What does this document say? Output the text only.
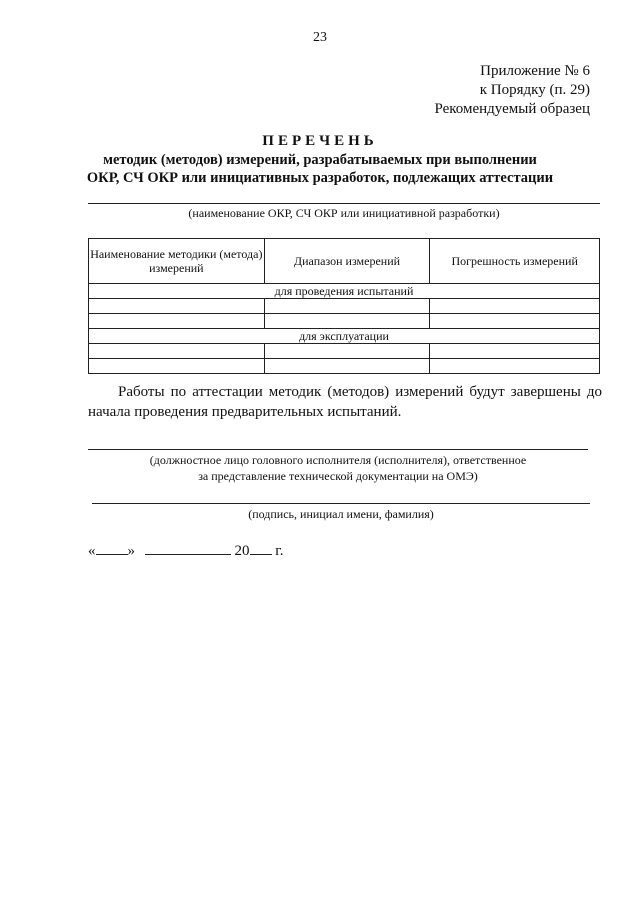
23
Приложение № 6
к Порядку (п. 29)
Рекомендуемый образец
ПЕРЕЧЕНЬ
методик (методов) измерений, разрабатываемых при выполнении
ОКР, СЧ ОКР или инициативных разработок, подлежащих аттестации
(наименование ОКР, СЧ ОКР или инициативной разработки)
Наименование методики (метода) измерений	Диапазон измерений	Погрешность измерений
для проведения испытаний		

для эксплуатации		

Работы по аттестации методик (методов) измерений будут завершены до начала проведения предварительных испытаний.
(должностное лицо головного исполнителя (исполнителя), ответственное
за представление технической документации на ОМЭ)
(подпись, инициал имени, фамилия)
« »	20 г.
